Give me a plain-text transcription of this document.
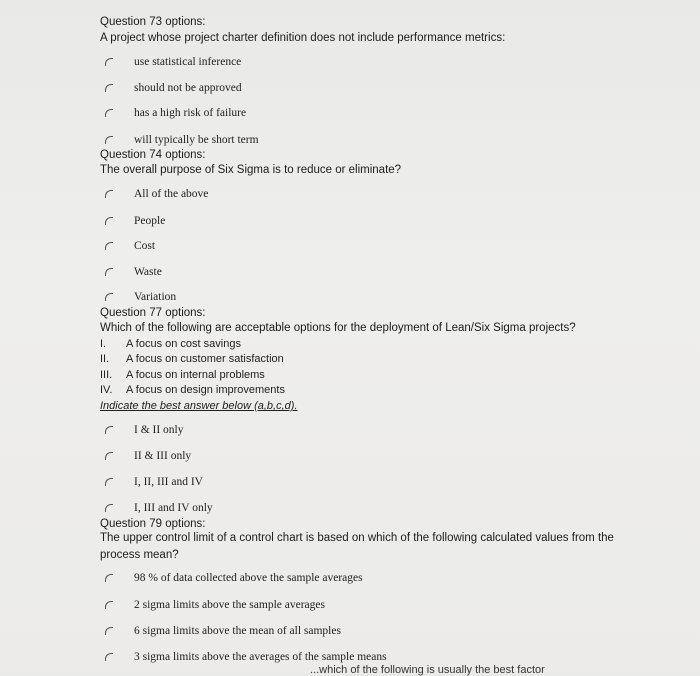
Question 73 options:
A project whose project charter definition does not include performance metrics:
use statistical inference
should not be approved
has a high risk of failure
will typically be short term
Question 74 options:
The overall purpose of Six Sigma is to reduce or eliminate?
All of the above
People
Cost
Waste
Variation
Question 77 options:
Which of the following are acceptable options for the deployment of Lean/Six Sigma projects?
I. A focus on cost savings
II. A focus on customer satisfaction
III. A focus on internal problems
IV. A focus on design improvements
Indicate the best answer below (a,b,c,d).
I & II only
II & III only
I, II, III and IV
I, III and IV only
Question 79 options:
The upper control limit of a control chart is based on which of the following calculated values from the process mean?
98 % of data collected above the sample averages
2 sigma limits above the sample averages
6 sigma limits above the mean of all samples
3 sigma limits above the averages of the sample means
...which of the following is usually the best factor
